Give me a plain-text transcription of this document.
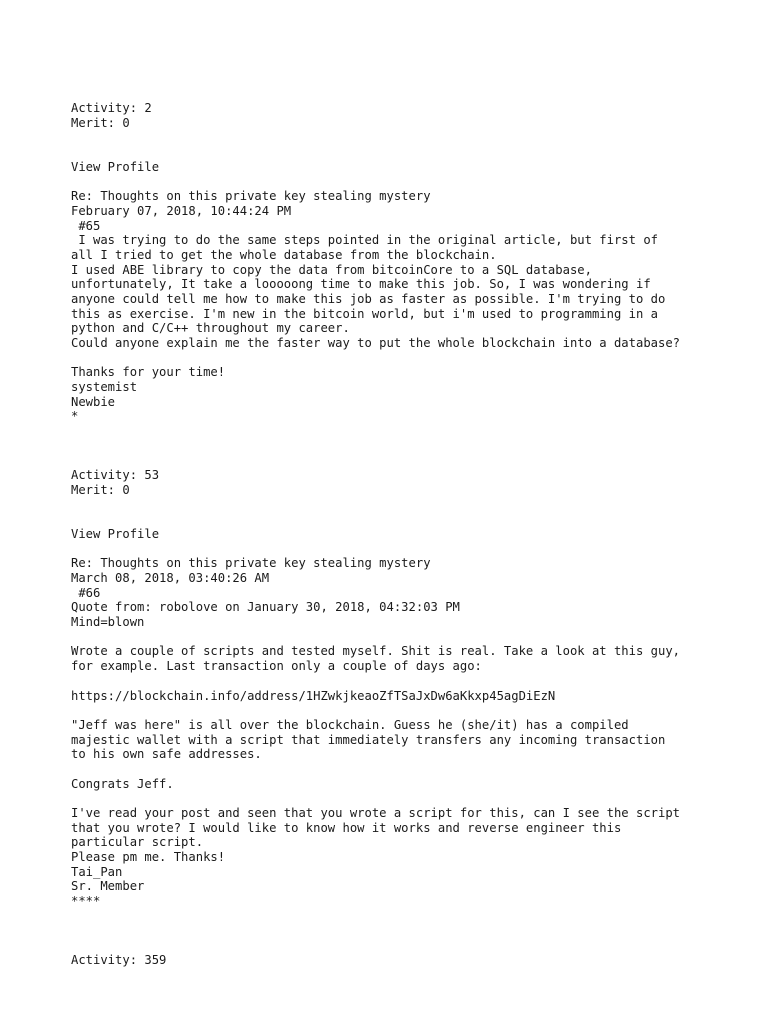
Activity: 2
Merit: 0
View Profile
Re: Thoughts on this private key stealing mystery
February 07, 2018, 10:44:24 PM
#65
I was trying to do the same steps pointed in the original article, but first of
all I tried to get the whole database from the blockchain.
I used ABE library to copy the data from bitcoinCore to a SQL database,
unfortunately, It take a looooong time to make this job. So, I was wondering if
anyone could tell me how to make this job as faster as possible. I'm trying to do
this as exercise. I'm new in the bitcoin world, but i'm used to programming in a
python and C/C++ throughout my career.
Could anyone explain me the faster way to put the whole blockchain into a database?
Thanks for your time!
systemist
Newbie
*
Activity: 53
Merit: 0
View Profile
Re: Thoughts on this private key stealing mystery
March 08, 2018, 03:40:26 AM
#66
Quote from: robolove on January 30, 2018, 04:32:03 PM
Mind=blown
Wrote a couple of scripts and tested myself. Shit is real. Take a look at this guy,
for example. Last transaction only a couple of days ago:
https://blockchain.info/address/1HZwkjkeaoZfTSaJxDw6aKkxp45agDiEzN
"Jeff was here" is all over the blockchain. Guess he (she/it) has a compiled
majestic wallet with a script that immediately transfers any incoming transaction
to his own safe addresses.
Congrats Jeff.
I've read your post and seen that you wrote a script for this, can I see the script
that you wrote? I would like to know how it works and reverse engineer this
particular script.
Please pm me. Thanks!
Tai_Pan
Sr. Member
****
Activity: 359
